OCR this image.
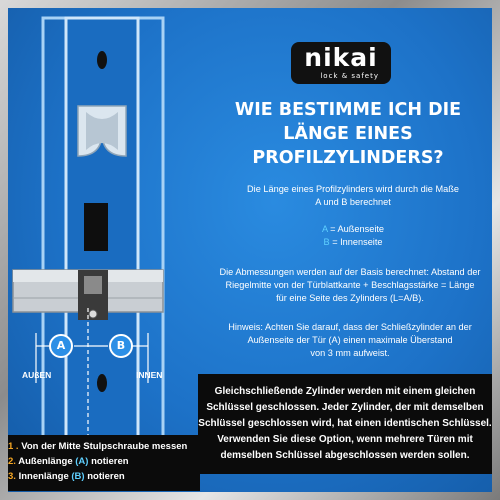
A	B
AUßEN	INNEN
nikai
lock & safety
WIE BESTIMME ICH DIE
LÄNGE EINES
PROFILZYLINDERS?
Die Länge eines Profilzylinders wird durch die Maße
A und B berechnet
A = Außenseite
B = Innenseite
Die Abmessungen werden auf der Basis berechnet: Abstand der
Riegelmitte von der Türblattkante + Beschlagsstärke = Länge
für eine Seite des Zylinders (L=A/B).
Hinweis: Achten Sie darauf, dass der Schließzylinder an der
Außenseite der Tür (A) einen maximale Überstand
von 3 mm aufweist.
Gleichschließende Zylinder werden mit einem gleichen
Schlüssel geschlossen. Jeder Zylinder, der mit demselben
Schlüssel geschlossen wird, hat einen identischen Schlüssel.
Verwenden Sie diese Option, wenn mehrere Türen mit
demselben Schlüssel abgeschlossen werden sollen.
1 . Von der Mitte Stulpschraube messen
2. Außenlänge (A) notieren
3. Innenlänge (B) notieren
